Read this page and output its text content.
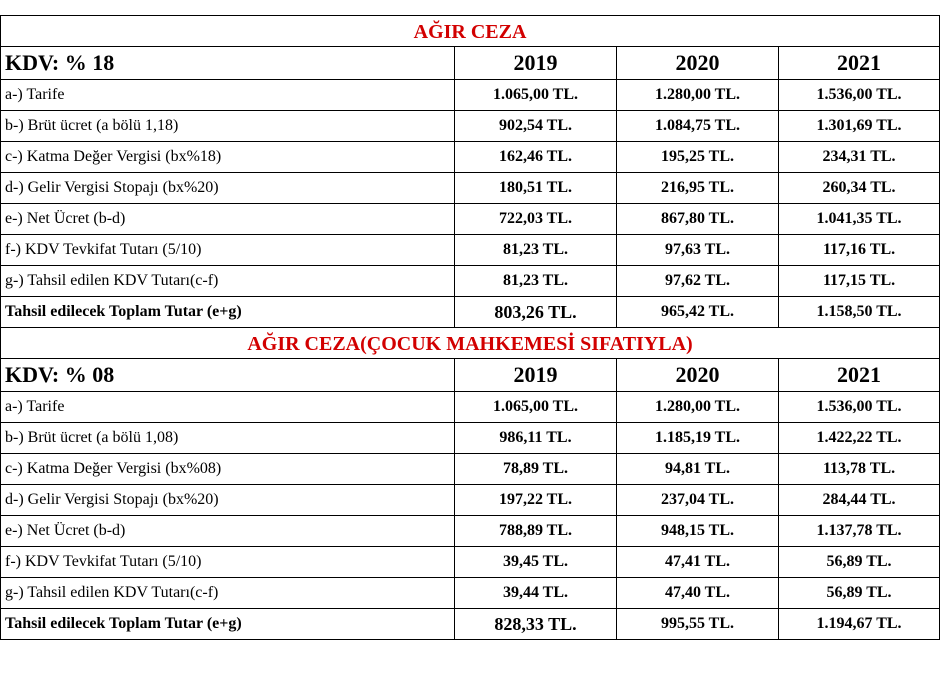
AĞIR CEZA			
KDV: % 18	2019	2020	2021
a-) Tarife	1.065,00 TL.	1.280,00 TL.	1.536,00 TL.
b-) Brüt ücret (a bölü 1,18)	902,54 TL.	1.084,75 TL.	1.301,69 TL.
c-) Katma Değer Vergisi (bx%18)	162,46 TL.	195,25 TL.	234,31 TL.
d-) Gelir Vergisi Stopajı (bx%20)	180,51 TL.	216,95 TL.	260,34 TL.
e-) Net Ücret (b-d)	722,03 TL.	867,80 TL.	1.041,35 TL.
f-) KDV Tevkifat Tutarı (5/10)	81,23 TL.	97,63 TL.	117,16 TL.
g-) Tahsil edilen KDV Tutarı(c-f)	81,23 TL.	97,62 TL.	117,15 TL.
Tahsil edilecek Toplam Tutar (e+g)	803,26 TL.	965,42 TL.	1.158,50 TL.
AĞIR CEZA(ÇOCUK MAHKEMESİ SIFATIYLA)			
KDV: % 08	2019	2020	2021
a-) Tarife	1.065,00 TL.	1.280,00 TL.	1.536,00 TL.
b-) Brüt ücret (a bölü 1,08)	986,11 TL.	1.185,19 TL.	1.422,22 TL.
c-) Katma Değer Vergisi (bx%08)	78,89 TL.	94,81 TL.	113,78 TL.
d-) Gelir Vergisi Stopajı (bx%20)	197,22 TL.	237,04 TL.	284,44 TL.
e-) Net Ücret (b-d)	788,89 TL.	948,15 TL.	1.137,78 TL.
f-) KDV Tevkifat Tutarı (5/10)	39,45 TL.	47,41 TL.	56,89 TL.
g-) Tahsil edilen KDV Tutarı(c-f)	39,44 TL.	47,40 TL.	56,89 TL.
Tahsil edilecek Toplam Tutar (e+g)	828,33 TL.	995,55 TL.	1.194,67 TL.
